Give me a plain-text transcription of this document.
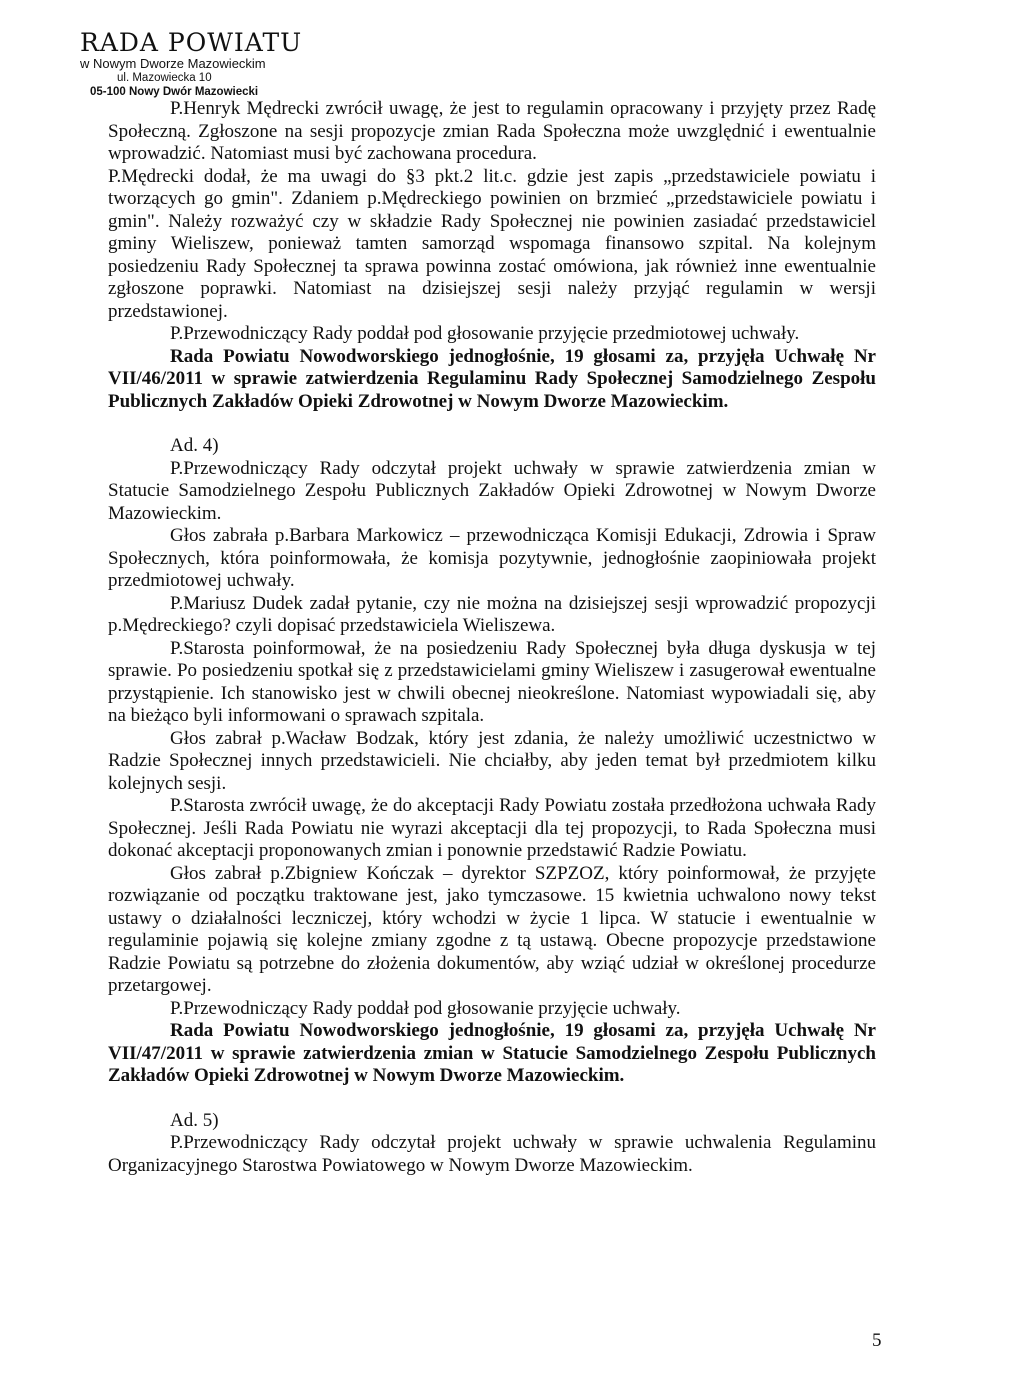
RADA POWIATU
w Nowym Dworze Mazowieckim
ul. Mazowiecka 10
05-100 Nowy Dwór Mazowiecki

P.Henryk Mędrecki zwrócił uwagę, że jest to regulamin opracowany i przyjęty przez Radę Społeczną. Zgłoszone na sesji propozycje zmian Rada Społeczna może uwzględnić i ewentualnie wprowadzić. Natomiast musi być zachowana procedura.

P.Mędrecki dodał, że ma uwagi do §3 pkt.2 lit.c. gdzie jest zapis „przedstawiciele powiatu i tworzących go gmin". Zdaniem p.Mędreckiego powinien on brzmieć „przedstawiciele powiatu i gmin". Należy rozważyć czy w składzie Rady Społecznej nie powinien zasiadać przedstawiciel gminy Wieliszew, ponieważ tamten samorząd wspomaga finansowo szpital. Na kolejnym posiedzeniu Rady Społecznej ta sprawa powinna zostać omówiona, jak również inne ewentualnie zgłoszone poprawki. Natomiast na dzisiejszej sesji należy przyjąć regulamin w wersji przedstawionej.

P.Przewodniczący Rady poddał pod głosowanie przyjęcie przedmiotowej uchwały.

Rada Powiatu Nowodworskiego jednogłośnie, 19 głosami za, przyjęła Uchwałę Nr VII/46/2011 w sprawie zatwierdzenia Regulaminu Rady Społecznej Samodzielnego Zespołu Publicznych Zakładów Opieki Zdrowotnej w Nowym Dworze Mazowieckim.

Ad. 4)

P.Przewodniczący Rady odczytał projekt uchwały w sprawie zatwierdzenia zmian w Statucie Samodzielnego Zespołu Publicznych Zakładów Opieki Zdrowotnej w Nowym Dworze Mazowieckim.

Głos zabrała p.Barbara Markowicz – przewodnicząca Komisji Edukacji, Zdrowia i Spraw Społecznych, która poinformowała, że komisja pozytywnie, jednogłośnie zaopiniowała projekt przedmiotowej uchwały.

P.Mariusz Dudek zadał pytanie, czy nie można na dzisiejszej sesji wprowadzić propozycji p.Mędreckiego? czyli dopisać przedstawiciela Wieliszewa.

P.Starosta poinformował, że na posiedzeniu Rady Społecznej była długa dyskusja w tej sprawie. Po posiedzeniu spotkał się z przedstawicielami gminy Wieliszew i zasugerował ewentualne przystąpienie. Ich stanowisko jest w chwili obecnej nieokreślone. Natomiast wypowiadali się, aby na bieżąco byli informowani o sprawach szpitala.

Głos zabrał p.Wacław Bodzak, który jest zdania, że należy umożliwić uczestnictwo w Radzie Społecznej innych przedstawicieli. Nie chciałby, aby jeden temat był przedmiotem kilku kolejnych sesji.

P.Starosta zwrócił uwagę, że do akceptacji Rady Powiatu została przedłożona uchwała Rady Społecznej. Jeśli Rada Powiatu nie wyrazi akceptacji dla tej propozycji, to Rada Społeczna musi dokonać akceptacji proponowanych zmian i ponownie przedstawić Radzie Powiatu.

Głos zabrał p.Zbigniew Kończak – dyrektor SZPZOZ, który poinformował, że przyjęte rozwiązanie od początku traktowane jest, jako tymczasowe. 15 kwietnia uchwalono nowy tekst ustawy o działalności leczniczej, który wchodzi w życie 1 lipca. W statucie i ewentualnie w regulaminie pojawią się kolejne zmiany zgodne z tą ustawą. Obecne propozycje przedstawione Radzie Powiatu są potrzebne do złożenia dokumentów, aby wziąć udział w określonej procedurze przetargowej.

P.Przewodniczący Rady poddał pod głosowanie przyjęcie uchwały.

Rada Powiatu Nowodworskiego jednogłośnie, 19 głosami za, przyjęła Uchwałę Nr VII/47/2011 w sprawie zatwierdzenia zmian w Statucie Samodzielnego Zespołu Publicznych Zakładów Opieki Zdrowotnej w Nowym Dworze Mazowieckim.

Ad. 5)

P.Przewodniczący Rady odczytał projekt uchwały w sprawie uchwalenia Regulaminu Organizacyjnego Starostwa Powiatowego w Nowym Dworze Mazowieckim.

5
